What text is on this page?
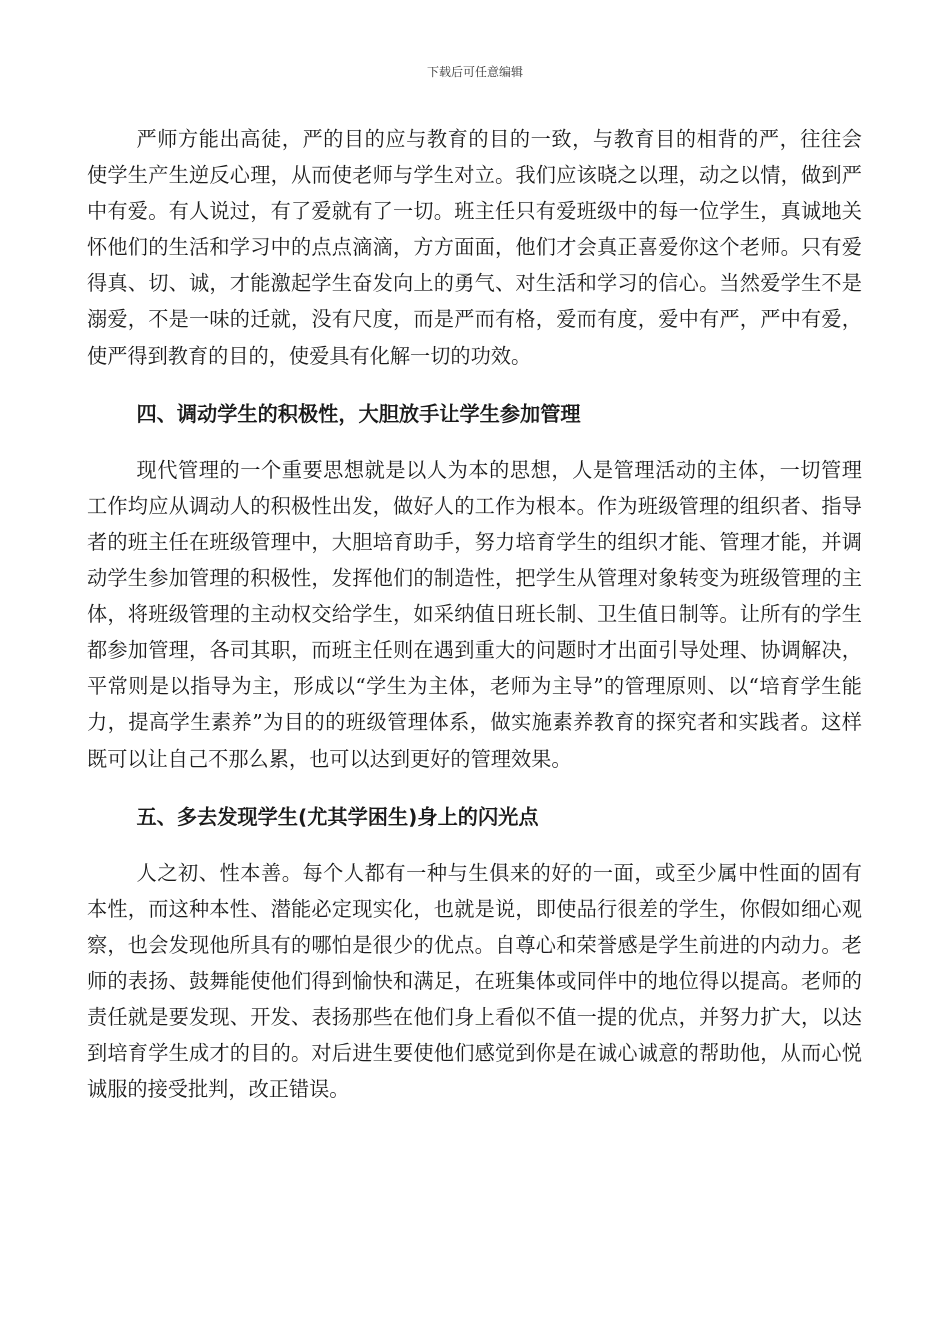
下载后可任意编辑

严师方能出高徒，严的目的应与教育的目的一致，与教育目的相背的严，往往会使学生产生逆反心理，从而使老师与学生对立。我们应该晓之以理，动之以情，做到严中有爱。有人说过，有了爱就有了一切。班主任只有爱班级中的每一位学生，真诚地关怀他们的生活和学习中的点点滴滴，方方面面，他们才会真正喜爱你这个老师。只有爱得真、切、诚，才能激起学生奋发向上的勇气、对生活和学习的信心。当然爱学生不是溺爱，不是一味的迁就，没有尺度，而是严而有格，爱而有度，爱中有严，严中有爱，使严得到教育的目的，使爱具有化解一切的功效。

四、调动学生的积极性，大胆放手让学生参加管理

现代管理的一个重要思想就是以人为本的思想，人是管理活动的主体，一切管理工作均应从调动人的积极性出发，做好人的工作为根本。作为班级管理的组织者、指导者的班主任在班级管理中，大胆培育助手，努力培育学生的组织才能、管理才能，并调动学生参加管理的积极性，发挥他们的制造性，把学生从管理对象转变为班级管理的主体，将班级管理的主动权交给学生，如采纳值日班长制、卫生值日制等。让所有的学生都参加管理，各司其职，而班主任则在遇到重大的问题时才出面引导处理、协调解决，平常则是以指导为主，形成以“学生为主体，老师为主导”的管理原则、以“培育学生能力，提高学生素养”为目的的班级管理体系，做实施素养教育的探究者和实践者。这样既可以让自己不那么累，也可以达到更好的管理效果。

五、多去发现学生(尤其学困生)身上的闪光点

人之初、性本善。每个人都有一种与生俱来的好的一面，或至少属中性面的固有本性，而这种本性、潜能必定现实化，也就是说，即使品行很差的学生，你假如细心观察，也会发现他所具有的哪怕是很少的优点。自尊心和荣誉感是学生前进的内动力。老师的表扬、鼓舞能使他们得到愉快和满足，在班集体或同伴中的地位得以提高。老师的责任就是要发现、开发、表扬那些在他们身上看似不值一提的优点，并努力扩大，以达到培育学生成才的目的。对后进生要使他们感觉到你是在诚心诚意的帮助他，从而心悦诚服的接受批判，改正错误。
